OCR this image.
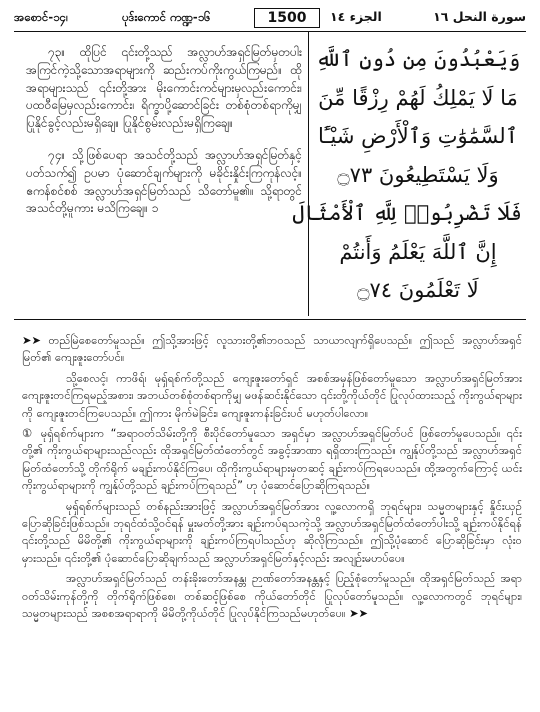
အစောင်-၁၄၊	ပုဒ်းကောင် ကဏ္ဍ-၁၆	1500	الجزء ١٤	سورة النحل ١٦

၇၃။ ထိုပြင် ၎င်းတို့သည် အလ္လာဟ်အရှင်မြတ်မှတပါး အကြင်ကဲ့သို့သောအရာများကို ဆည်းကပ်ကိုးကွယ်ကြမည်။ ထိုအရာများသည် ၎င်းတို့အား မိုးကောင်းကင်များမှလည်းကောင်း၊ ပထဝီမြေမှလည်းကောင်း၊ ရိက္ခာပို့ဆောင်ခြင်း တစ်စုံတစ်ရာကိုမျှ ပြုနိုင်ခွင့်လည်းမရှိချေ။ ပြုနိုင်စွမ်းလည်းမရှိကြချေ။

၇၄။ သို့ဖြစ်ပေရာ အသင်တို့သည် အလ္လာဟ်အရှင်မြတ်နှင့်ပတ်သက်၍ ဥပမာ ပုံဆောင်ချက်များကို မခိုင်းနှိုင်းကြကုန်လင့်။ ဧကန်စင်စစ် အလ္လာဟ်အရှင်မြတ်သည် သိတော်မူ၏။ သို့ရာတွင် အသင်တို့မူကား မသိကြချေ။ ၁

وَيَعْبُدُونَ مِن دُونِ ٱللَّهِ
مَا لَا يَمْلِكُ لَهُمْ رِزْقًا مِّنَ
ٱلسَّمَٰوَٰتِ وَٱلْأَرْضِ شَيْـًٔا
وَلَا يَسْتَطِيعُونَ ۝٧٣
فَلَا تَضْرِبُوا۟ لِلَّهِ ٱلْأَمْثَالَ
إِنَّ ٱللَّهَ يَعْلَمُ وَأَنتُمْ
لَا تَعْلَمُونَ ۝٧٤

➤➤ တည်မြဲစေတော်မူသည်။ ဤသို့အားဖြင့် လူသားတို့၏ဘဝသည် သာယာလျက်ရှိပေသည်။ ဤသည် အလ္လာဟ်အရှင်မြတ်၏ ကျေးဇူးတော်ပင်။

သို့စေလင့်၊ ကာဖိရ်၊ မုရှ်ရစ်က်တို့သည် ကျေးဇူးတော်ရှင် အစစ်အမှန်ဖြစ်တော်မူသော အလ္လာဟ်အရှင်မြတ်အား ကျေးဇူးတင်ကြရမည့်အစား၊ အဘယ်တစ်စုံတစ်ရာကိုမျှ မဖန်ဆင်းနိုင်သော ၎င်းတို့ကိုယ်တိုင် ပြုလုပ်ထားသည့် ကိုးကွယ်ရာများကို ကျေးဇူးတင်ကြပေသည်။ ဤကား မိုက်မဲခြင်း၊ ကျေးဇူးကန်းခြင်းပင် မဟုတ်ပါလော။

① မုရှ်ရစ်က်များက “အရာဝတ်သိမ်းတို့ကို စီးပိုင်တော်မူသော အရှင်မှာ အလ္လာဟ်အရှင်မြတ်ပင် ဖြစ်တော်မူပေသည်။ ၎င်းတို့၏ ကိုးကွယ်ရာများသည်လည်း ထိုအရှင်မြတ်ထံတော်တွင် အခွင့်အာဏာ ရရှိထားကြသည်။ ကျွန်ုပ်တို့သည် အလ္လာဟ်အရှင်မြတ်ထံတော်သို့ တိုက်ရိုက် မချဉ်းကပ်နိုင်ကြပေ၊ ထိုကိုးကွယ်ရာများမှတဆင့် ချဉ်းကပ်ကြရပေသည်။ ထို့အတွက်ကြောင့် ယင်း ကိုးကွယ်ရာများကို ကျွန်ုပ်တို့သည် ချဉ်းကပ်ကြရသည်” ဟု ပုံဆောင်ပြောဆိုကြရသည်။

မုရှ်ရစ်က်များသည် တစ်နည်းအားဖြင့် အလ္လာဟ်အရှင်မြတ်အား လူ့လောကရှိ ဘုရင်များ၊ သမ္မတများနှင့် နှိုင်းယှဉ်ပြောဆိုခြင်းဖြစ်သည်။ ဘုရင်ထံသို့ဝင်ရန် မှူးမတ်တို့အား ချဉ်းကပ်ရသကဲ့သို့ အလ္လာဟ်အရှင်မြတ်ထံတော်ပါးသို့ ချဉ်းကပ်နိုင်ရန် ၎င်းတို့သည် မိမိတို့၏ ကိုးကွယ်ရာများကို ချဉ်းကပ်ကြရပါသည်ဟု ဆိုလိုကြသည်။ ဤသို့ပုံဆောင် ပြောဆိုခြင်းမှာ လုံးဝမှားသည်။ ၎င်းတို့၏ ပုံဆောင်ပြောဆိုချက်သည် အလ္လာဟ်အရှင်မြတ်နှင့်လည်း အလျဉ်းမဟပ်ပေ။

အလ္လာဟ်အရှင်မြတ်သည် တန်းခိုးတော်အနန္တ၊ ဉာဏ်တော်အနန္တနှင့် ပြည့်စုံတော်မူသည်။ ထိုအရှင်မြတ်သည် အရာဝတ်သိမ်းကုန်တို့ကို တိုက်ရိုက်ဖြစ်စေ၊ တစ်ဆင့်ဖြစ်စေ ကိုယ်တော်တိုင် ပြုလုပ်တော်မူသည်။ လူ့လောကတွင် ဘုရင်များ၊ သမ္မတများသည် အစစအရာရာကို မိမိတို့ကိုယ်တိုင် ပြုလုပ်နိုင်ကြသည်မဟုတ်ပေ။ ➤➤
